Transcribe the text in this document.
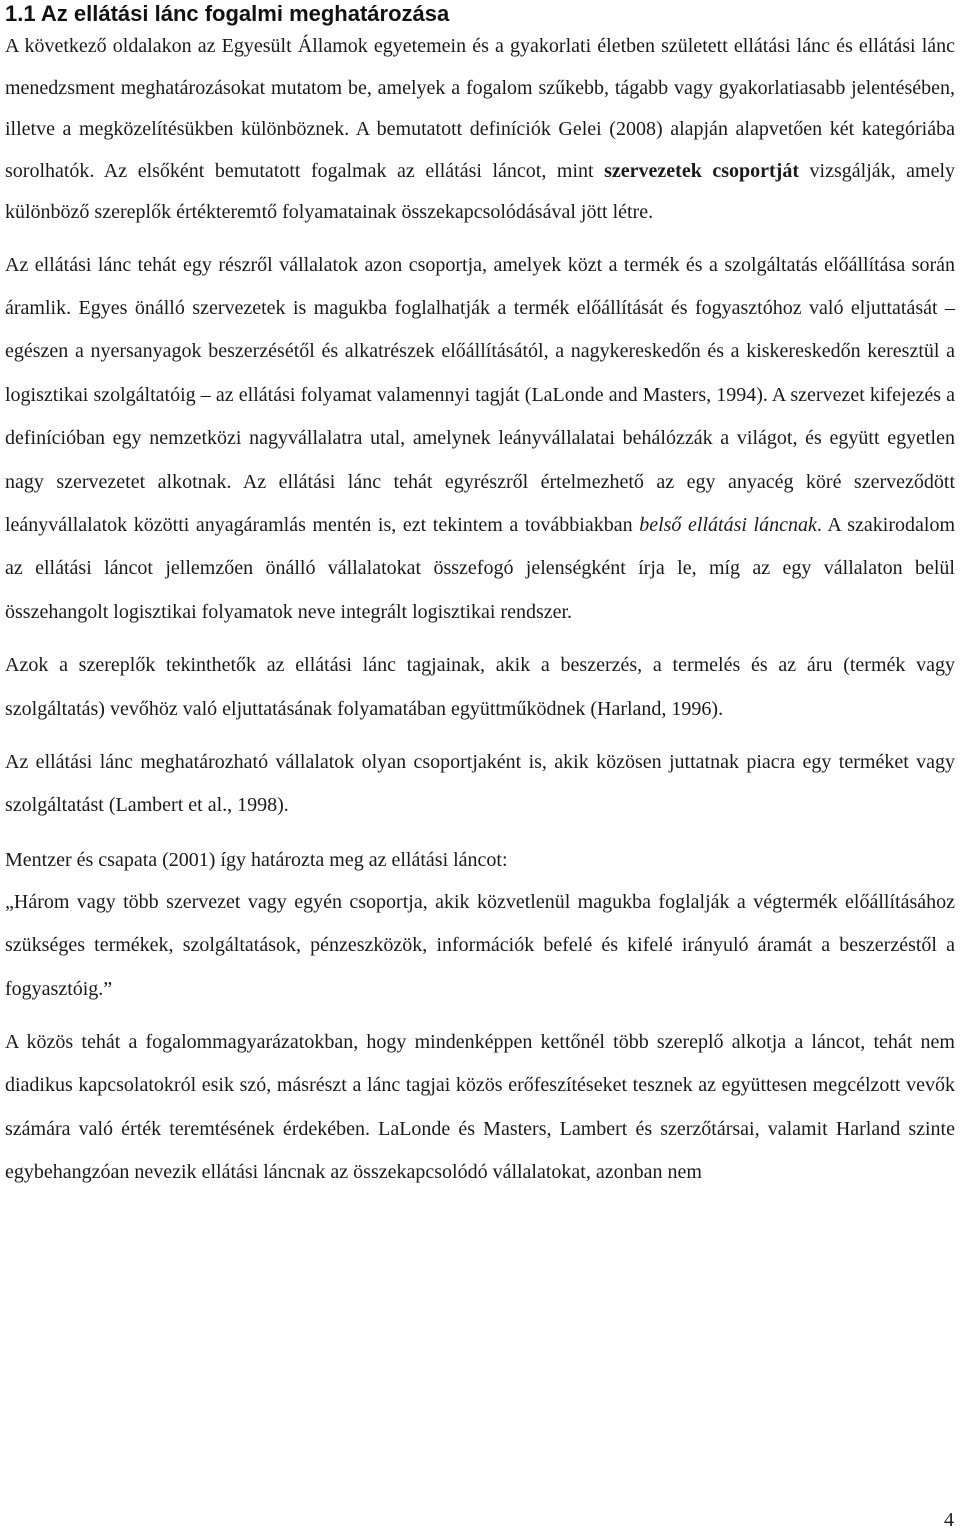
1.1 Az ellátási lánc fogalmi meghatározása

A következő oldalakon az Egyesült Államok egyetemein és a gyakorlati életben született ellátási lánc és ellátási lánc menedzsment meghatározásokat mutatom be, amelyek a fogalom szűkebb, tágabb vagy gyakorlatiasabb jelentésében, illetve a megközelítésükben különböznek. A bemutatott definíciók Gelei (2008) alapján alapvetően két kategóriába sorolhatók. Az elsőként bemutatott fogalmak az ellátási láncot, mint szervezetek csoportját vizsgálják, amely különböző szereplők értékteremtő folyamatainak összekapcsolódásával jött létre.

Az ellátási lánc tehát egy részről vállalatok azon csoportja, amelyek közt a termék és a szolgáltatás előállítása során áramlik. Egyes önálló szervezetek is magukba foglalhatják a termék előállítását és fogyasztóhoz való eljuttatását – egészen a nyersanyagok beszerzésétől és alkatrészek előállításától, a nagykereskedőn és a kiskereskedőn keresztül a logisztikai szolgáltatóig – az ellátási folyamat valamennyi tagját (LaLonde and Masters, 1994). A szervezet kifejezés a definícióban egy nemzetközi nagyvállalatra utal, amelynek leányvállalatai behálózzák a világot, és együtt egyetlen nagy szervezetet alkotnak. Az ellátási lánc tehát egyrészről értelmezhető az egy anyacég köré szerveződött leányvállalatok közötti anyagáramlás mentén is, ezt tekintem a továbbiakban belső ellátási láncnak. A szakirodalom az ellátási láncot jellemzően önálló vállalatokat összefogó jelenségként írja le, míg az egy vállalaton belül összehangolt logisztikai folyamatok neve integrált logisztikai rendszer.

Azok a szereplők tekinthetők az ellátási lánc tagjainak, akik a beszerzés, a termelés és az áru (termék vagy szolgáltatás) vevőhöz való eljuttatásának folyamatában együttműködnek (Harland, 1996).

Az ellátási lánc meghatározható vállalatok olyan csoportjaként is, akik közösen juttatnak piacra egy terméket vagy szolgáltatást (Lambert et al., 1998).

Mentzer és csapata (2001) így határozta meg az ellátási láncot:

„Három vagy több szervezet vagy egyén csoportja, akik közvetlenül magukba foglalják a végtermék előállításához szükséges termékek, szolgáltatások, pénzeszközök, információk befelé és kifelé irányuló áramát a beszerzéstől a fogyasztóig.”

A közös tehát a fogalommagyarázatokban, hogy mindenképpen kettőnél több szereplő alkotja a láncot, tehát nem diadikus kapcsolatokról esik szó, másrészt a lánc tagjai közös erőfeszítéseket tesznek az együttesen megcélzott vevők számára való érték teremtésének érdekében. LaLonde és Masters, Lambert és szerzőtársai, valamit Harland szinte egybehangzóan nevezik ellátási láncnak az összekapcsolódó vállalatokat, azonban nem

4
